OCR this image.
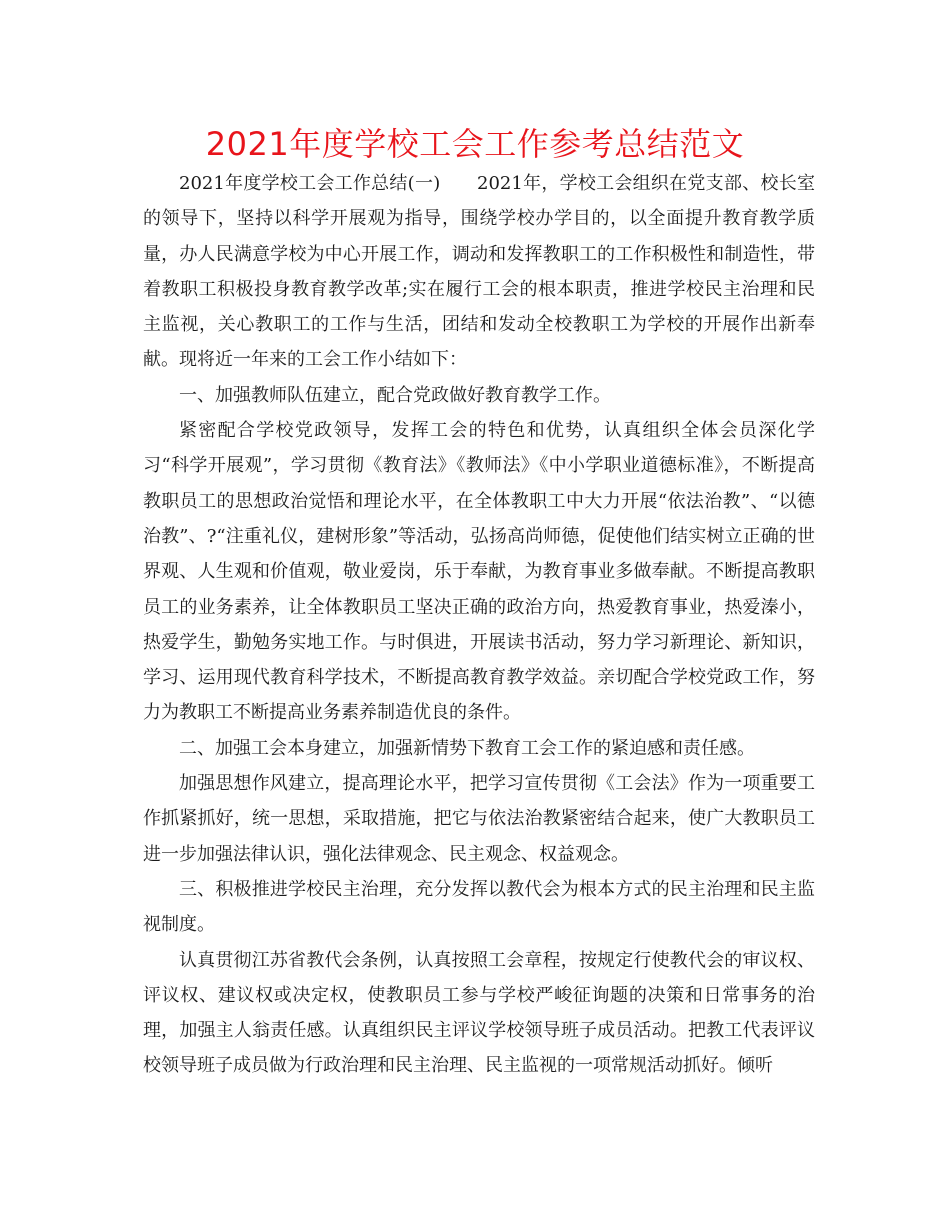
2021年度学校工会工作参考总结范文

2021年度学校工会工作总结(一)　　2021年，学校工会组织在党支部、校长室的领导下，坚持以科学开展观为指导，围绕学校办学目的，以全面提升教育教学质量，办人民满意学校为中心开展工作，调动和发挥教职工的工作积极性和制造性，带着教职工积极投身教育教学改革;实在履行工会的根本职责，推进学校民主治理和民主监视，关心教职工的工作与生活，团结和发动全校教职工为学校的开展作出新奉献。现将近一年来的工会工作小结如下：

一、加强教师队伍建立，配合党政做好教育教学工作。

紧密配合学校党政领导，发挥工会的特色和优势，认真组织全体会员深化学习“科学开展观”，学习贯彻《教育法》《教师法》《中小学职业道德标准》，不断提高教职员工的思想政治觉悟和理论水平，在全体教职工中大力开展“依法治教”、“以德治教”、?“注重礼仪，建树形象”等活动，弘扬高尚师德，促使他们结实树立正确的世界观、人生观和价值观，敬业爱岗，乐于奉献，为教育事业多做奉献。不断提高教职员工的业务素养，让全体教职员工坚决正确的政治方向，热爱教育事业，热爱溱小，热爱学生，勤勉务实地工作。与时俱进，开展读书活动，努力学习新理论、新知识，学习、运用现代教育科学技术，不断提高教育教学效益。亲切配合学校党政工作，努力为教职工不断提高业务素养制造优良的条件。

二、加强工会本身建立，加强新情势下教育工会工作的紧迫感和责任感。

加强思想作风建立，提高理论水平，把学习宣传贯彻《工会法》作为一项重要工作抓紧抓好，统一思想，采取措施，把它与依法治教紧密结合起来，使广大教职员工进一步加强法律认识，强化法律观念、民主观念、权益观念。

三、积极推进学校民主治理，充分发挥以教代会为根本方式的民主治理和民主监视制度。

认真贯彻江苏省教代会条例，认真按照工会章程，按规定行使教代会的审议权、评议权、建议权或决定权，使教职员工参与学校严峻征询题的决策和日常事务的治理，加强主人翁责任感。认真组织民主评议学校领导班子成员活动。把教工代表评议校领导班子成员做为行政治理和民主治理、民主监视的一项常规活动抓好。倾听
